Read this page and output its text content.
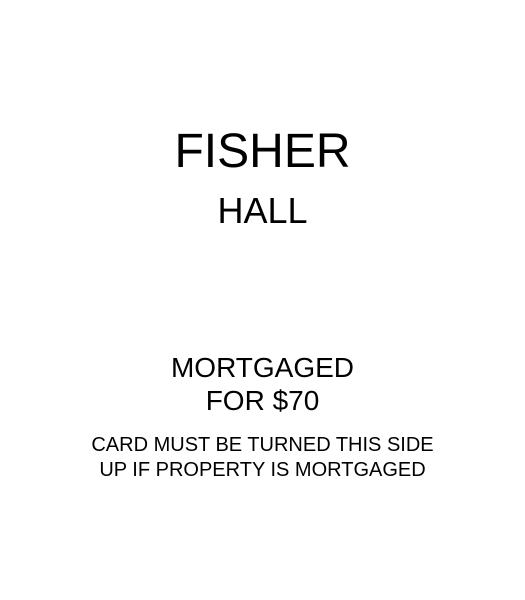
FISHER
HALL
MORTGAGED
FOR $70
CARD MUST BE TURNED THIS SIDE
UP IF PROPERTY IS MORTGAGED
